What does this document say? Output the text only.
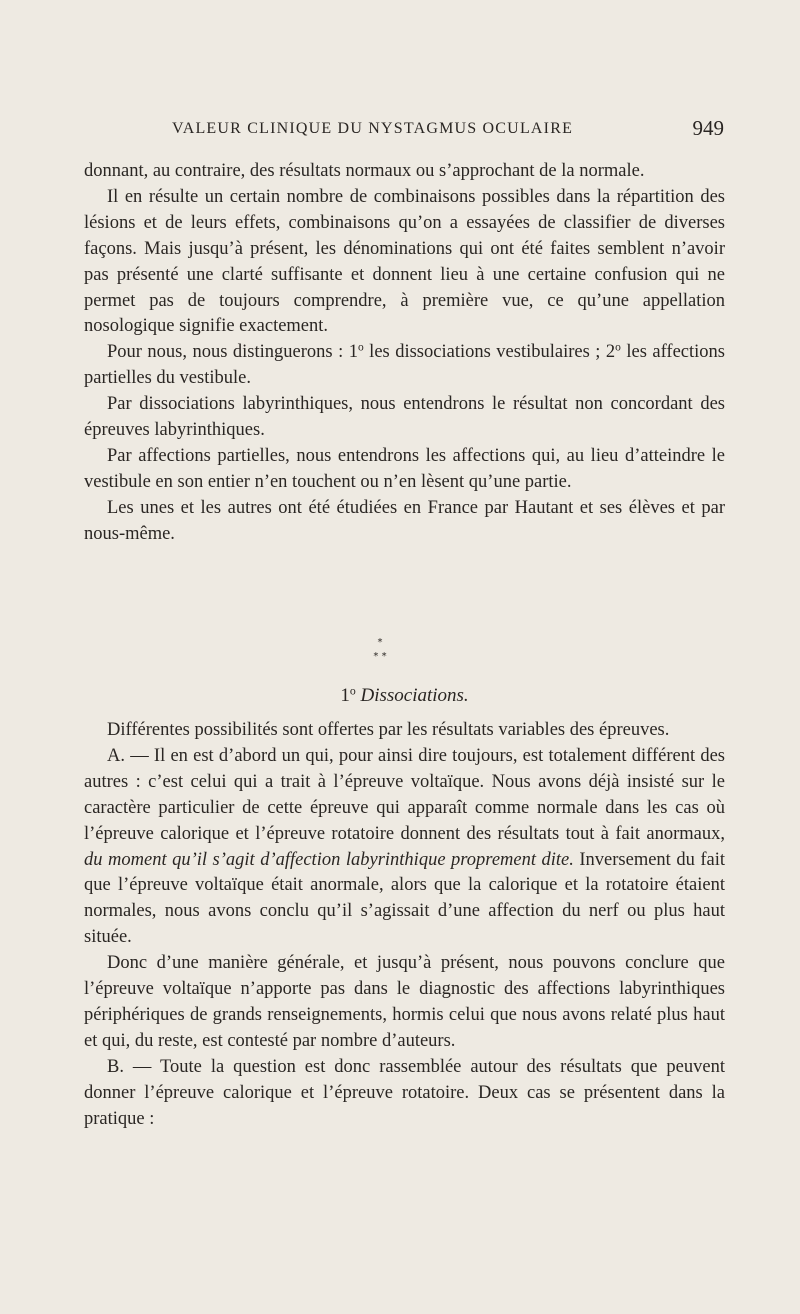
VALEUR CLINIQUE DU NYSTAGMUS OCULAIRE	949

donnant, au contraire, des résultats normaux ou s’approchant de la normale.

Il en résulte un certain nombre de combinaisons possibles dans la répartition des lésions et de leurs effets, combinaisons qu’on a essayées de classifier de diverses façons. Mais jusqu’à présent, les dénominations qui ont été faites semblent n’avoir pas présenté une clarté suffisante et donnent lieu à une certaine confusion qui ne permet pas de toujours comprendre, à première vue, ce qu’une appellation nosologique signifie exactement.

Pour nous, nous distinguerons : 1$^o$ les dissociations vestibulaires ; 2$^o$ les affections partielles du vestibule.

Par dissociations labyrinthiques, nous entendrons le résultat non concordant des épreuves labyrinthiques.

Par affections partielles, nous entendrons les affections qui, au lieu d’atteindre le vestibule en son entier n’en touchent ou n’en lèsent qu’une partie.

Les unes et les autres ont été étudiées en France par Hautant et ses élèves et par nous-même.

*
* *
1$^o$ Dissociations.

Différentes possibilités sont offertes par les résultats variables des épreuves.

A. — Il en est d’abord un qui, pour ainsi dire toujours, est totalement différent des autres : c’est celui qui a trait à l’épreuve voltaïque. Nous avons déjà insisté sur le caractère particulier de cette épreuve qui apparaît comme normale dans les cas où l’épreuve calorique et l’épreuve rotatoire donnent des résultats tout à fait anormaux, du moment qu’il s’agit d’affection labyrinthique proprement dite. Inversement du fait que l’épreuve voltaïque était anormale, alors que la calorique et la rotatoire étaient normales, nous avons conclu qu’il s’agissait d’une affection du nerf ou plus haut située.

Donc d’une manière générale, et jusqu’à présent, nous pouvons conclure que l’épreuve voltaïque n’apporte pas dans le diagnostic des affections labyrinthiques périphériques de grands renseignements, hormis celui que nous avons relaté plus haut et qui, du reste, est contesté par nombre d’auteurs.

B. — Toute la question est donc rassemblée autour des résultats que peuvent donner l’épreuve calorique et l’épreuve rotatoire. Deux cas se présentent dans la pratique :
